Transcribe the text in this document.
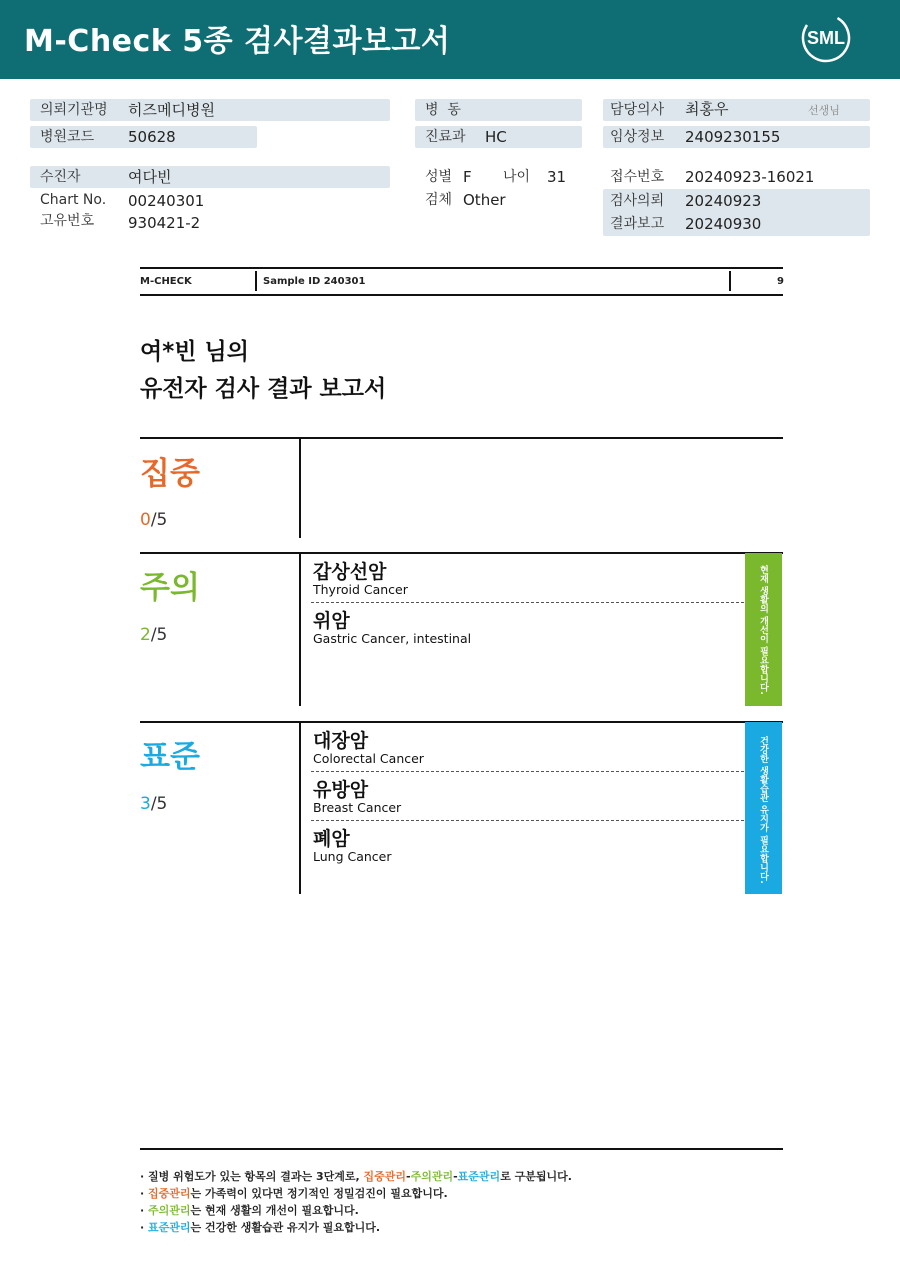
M-Check 5종 검사결과보고서	SML
의뢰기관명 히즈메디병원
병원코드 50628
수진자	여다빈
Chart No. 00240301
고유번호 930421-2
병  동
진료과 HC
성별 F 나이 31
검체 Other
담당의사 최홍우	선생님
임상정보 2409230155
접수번호 20240923-16021
검사의뢰 20240923
결과보고 20240930
M-CHECK	Sample ID 240301	9
여*빈 님의
유전자 검사 결과 보고서
집중
0/5
주의
2/5
갑상선암
Thyroid Cancer
위암
Gastric Cancer, intestinal	현재 생활의 개선이 필요합니다.
표준
3/5
대장암
Colorectal Cancer
유방암
Breast Cancer
폐암
Lung Cancer	건강한 생활습관 유지가 필요합니다.
· 질병 위험도가 있는 항목의 결과는 3단계로, 집중관리-주의관리-표준관리로 구분됩니다.
· 집중관리는 가족력이 있다면 정기적인 정밀검진이 필요합니다.
· 주의관리는 현재 생활의 개선이 필요합니다.
· 표준관리는 건강한 생활습관 유지가 필요합니다.
